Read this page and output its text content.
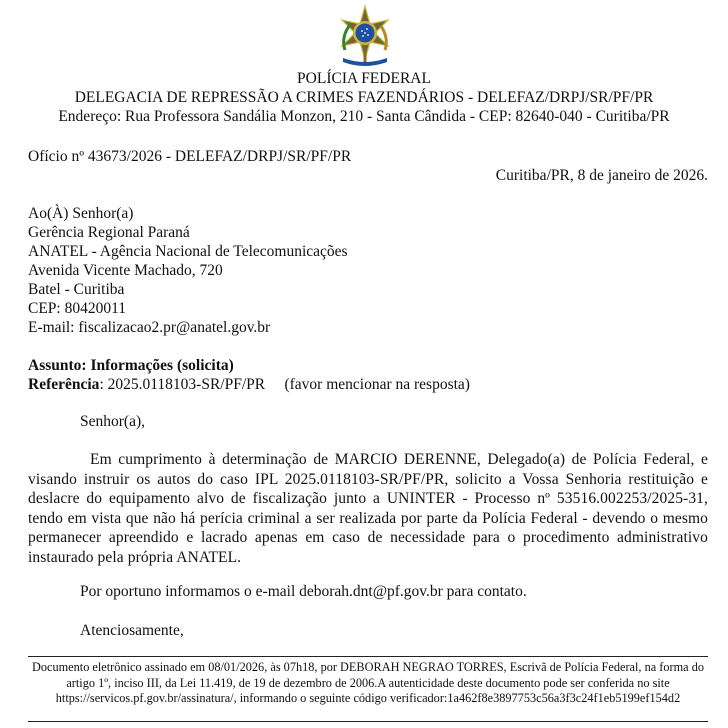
POLÍCIA FEDERAL
DELEGACIA DE REPRESSÃO A CRIMES FAZENDÁRIOS - DELEFAZ/DRPJ/SR/PF/PR
Endereço: Rua Professora Sandália Monzon, 210 - Santa Cândida - CEP: 82640-040 - Curitiba/PR
Ofício nº 43673/2026 - DELEFAZ/DRPJ/SR/PF/PR
Curitiba/PR, 8 de janeiro de 2026.
Ao(À) Senhor(a)
Gerência Regional Paraná
ANATEL - Agência Nacional de Telecomunicações
Avenida Vicente Machado, 720
Batel - Curitiba
CEP: 80420011
E-mail: fiscalizacao2.pr@anatel.gov.br
Assunto: Informações (solicita)
Referência: 2025.0118103-SR/PF/PR     (favor mencionar na resposta)
Senhor(a),
Em cumprimento à determinação de MARCIO DERENNE, Delegado(a) de Polícia Federal, e visando instruir os autos do caso IPL 2025.0118103-SR/PF/PR, solicito a Vossa Senhoria restituição e deslacre do equipamento alvo de fiscalização junto a UNINTER - Processo nº 53516.002253/2025-31, tendo em vista que não há perícia criminal a ser realizada por parte da Polícia Federal - devendo o mesmo permanecer apreendido e lacrado apenas em caso de necessidade para o procedimento administrativo instaurado pela própria ANATEL.
Por oportuno informamos o e-mail deborah.dnt@pf.gov.br para contato.
Atenciosamente,
Documento eletrônico assinado em 08/01/2026, às 07h18, por DEBORAH NEGRAO TORRES, Escrivã de Polícia Federal, na forma do artigo 1º, inciso III, da Lei 11.419, de 19 de dezembro de 2006.A autenticidade deste documento pode ser conferida no site https://servicos.pf.gov.br/assinatura/, informando o seguinte código verificador:1a462f8e3897753c56a3f3c24f1eb5199ef154d2
